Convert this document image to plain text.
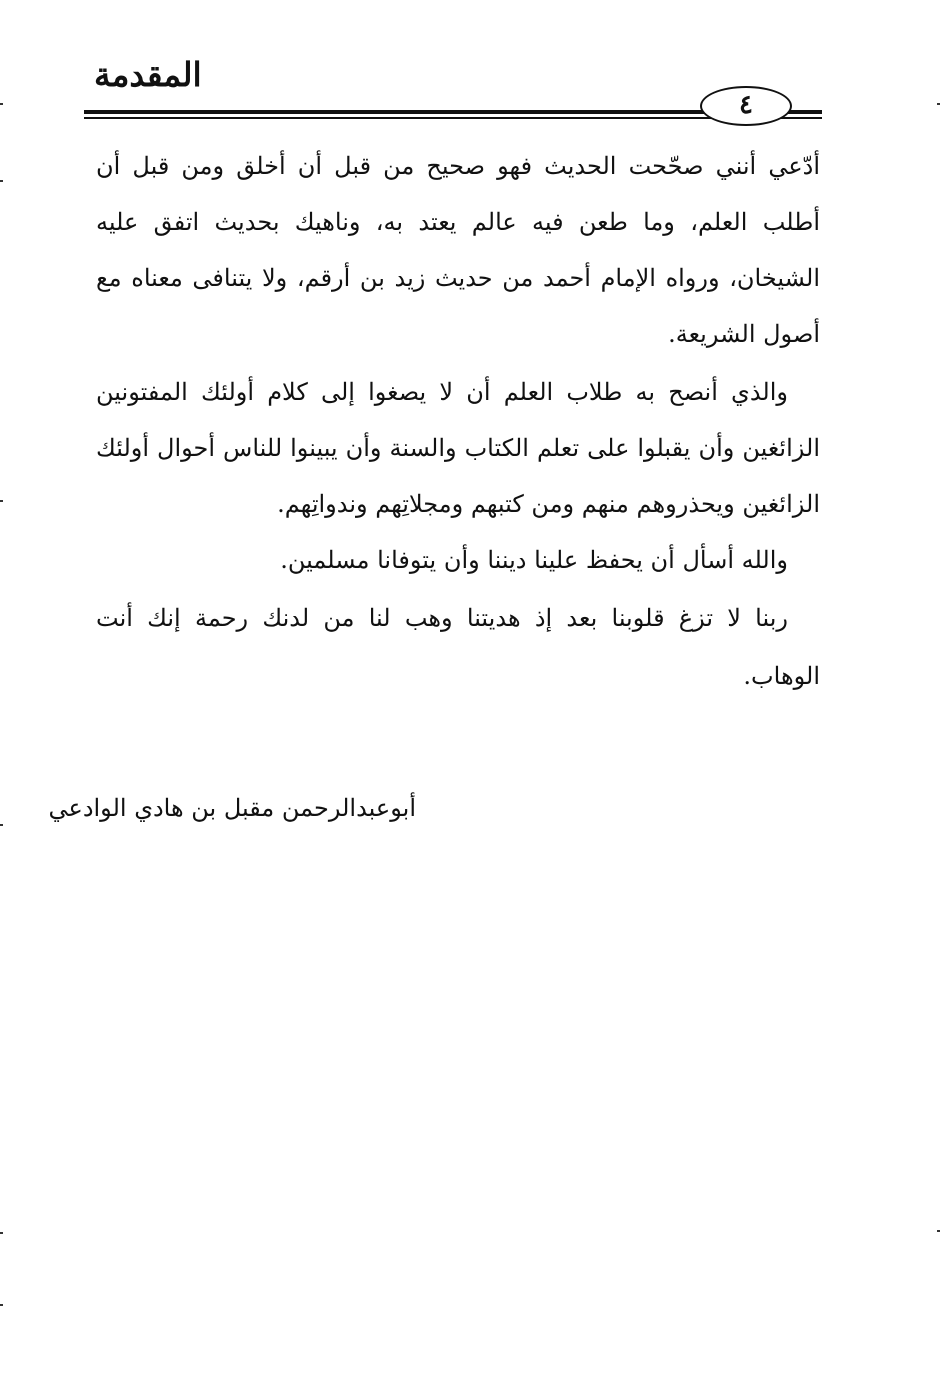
المقدمة
٤
أدّعي أنني صحّحت الحديث فهو صحيح من قبل أن أخلق ومن قبل أن
أطلب العلم، وما طعن فيه عالم يعتد به، وناهيك بحديث اتفق عليه
الشيخان، ورواه الإمام أحمد من حديث زيد بن أرقم، ولا يتنافى معناه مع
أصول الشريعة.
والذي أنصح به طلاب العلم أن لا يصغوا إلى كلام أولئك المفتونين
الزائغين وأن يقبلوا على تعلم الكتاب والسنة وأن يبينوا للناس أحوال أولئك
الزائغين ويحذروهم منهم ومن كتبهم ومجلاتِهم وندواتِهم.
والله أسأل أن يحفظ علينا ديننا وأن يتوفانا مسلمين.
ربنا لا تزغ قلوبنا بعد إذ هديتنا وهب لنا من لدنك رحمة إنك أنت
الوهاب.
أبوعبدالرحمن مقبل بن هادي الوادعي
